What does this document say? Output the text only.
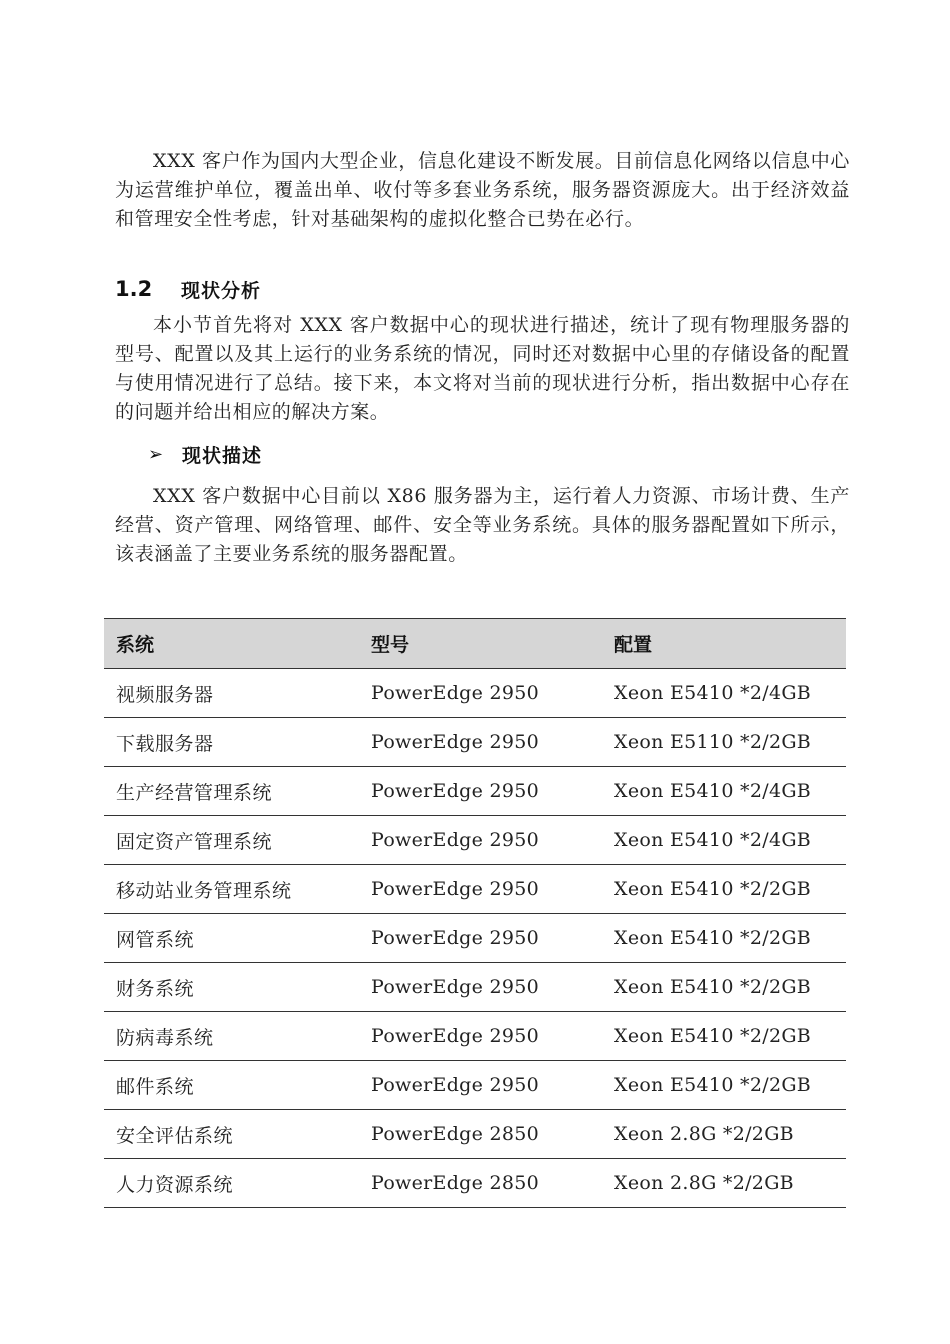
XXX 客户作为国内大型企业，信息化建设不断发展。目前信息化网络以信息中心为运营维护单位，覆盖出单、收付等多套业务系统，服务器资源庞大。出于经济效益和管理安全性考虑，针对基础架构的虚拟化整合已势在必行。

1.2	现状分析

本小节首先将对 XXX 客户数据中心的现状进行描述，统计了现有物理服务器的型号、配置以及其上运行的业务系统的情况，同时还对数据中心里的存储设备的配置与使用情况进行了总结。接下来，本文将对当前的现状进行分析，指出数据中心存在的问题并给出相应的解决方案。

➢ 现状描述

XXX 客户数据中心目前以 X86 服务器为主，运行着人力资源、市场计费、生产经营、资产管理、网络管理、邮件、安全等业务系统。具体的服务器配置如下所示，该表涵盖了主要业务系统的服务器配置。

系统	型号	配置
视频服务器	PowerEdge 2950	Xeon E5410 *2/4GB
下载服务器	PowerEdge 2950	Xeon E5110 *2/2GB
生产经营管理系统	PowerEdge 2950	Xeon E5410 *2/4GB
固定资产管理系统	PowerEdge 2950	Xeon E5410 *2/4GB
移动站业务管理系统	PowerEdge 2950	Xeon E5410 *2/2GB
网管系统	PowerEdge 2950	Xeon E5410 *2/2GB
财务系统	PowerEdge 2950	Xeon E5410 *2/2GB
防病毒系统	PowerEdge 2950	Xeon E5410 *2/2GB
邮件系统	PowerEdge 2950	Xeon E5410 *2/2GB
安全评估系统	PowerEdge 2850	Xeon 2.8G *2/2GB
人力资源系统	PowerEdge 2850	Xeon 2.8G *2/2GB
